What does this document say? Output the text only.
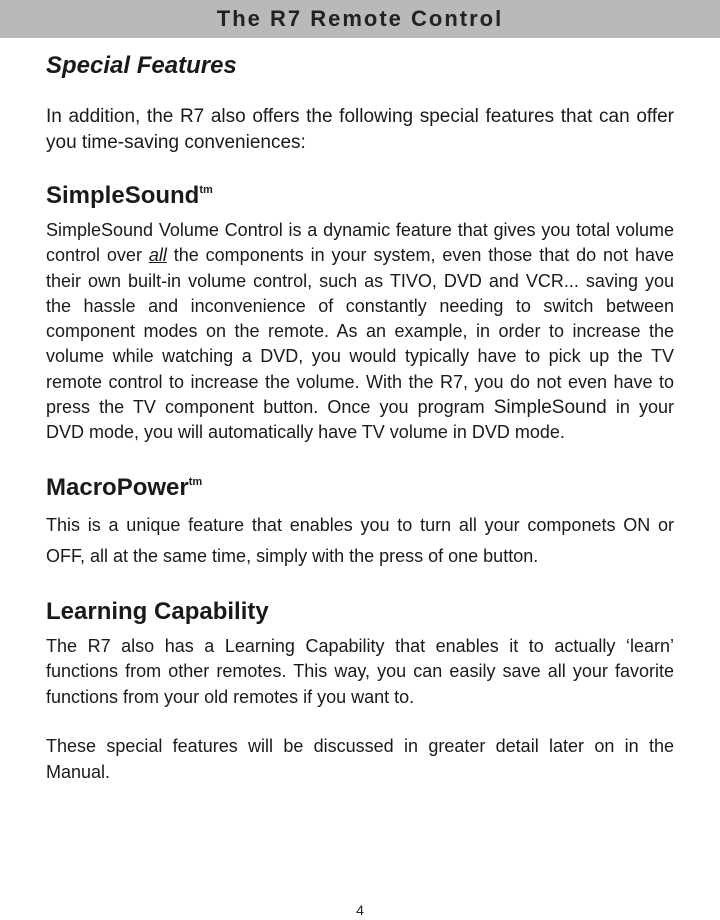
The R7 Remote Control
Special Features

In addition, the R7 also offers the following special features that can offer you time-saving conveniences:

SimpleSound$^{tm}$

SimpleSound Volume Control is a dynamic feature that gives you total volume control over all the components in your system, even those that do not have their own built-in volume control, such as TIVO, DVD and VCR... saving you the hassle and inconvenience of constantly needing to switch between component modes on the remote. As an example, in order to increase the volume while watching a DVD, you would typically have to pick up the TV remote control to increase the volume. With the R7, you do not even have to press the TV component button. Once you program SimpleSound in your DVD mode, you will automatically have TV volume in DVD mode.

MacroPower$^{tm}$

This is a unique feature that enables you to turn all your componets ON or OFF, all at the same time, simply with the press of one button.

Learning Capability

The R7 also has a Learning Capability that enables it to actually ‘learn’ functions from other remotes. This way, you can easily save all your favorite functions from your old remotes if you want to.

These special features will be discussed in greater detail later on in the Manual.

4
